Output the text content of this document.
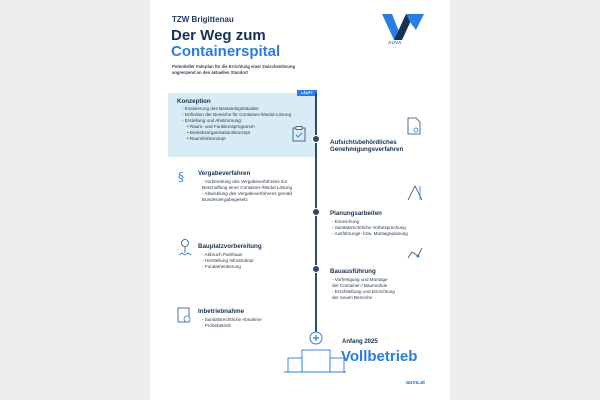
TZW Brigittenau
Der Weg zum
Containerspital
Potentieller Fahrplan für die Errichtung einer Zwischenlösung
angrenzend an den aktuellen Standort
AUVA
LÄUFT
Konzeption
- Evaluierung des Bestandsgebäudes
- Definition der Bereiche für Container-/Modul-Lösung
- Erstellung und Abstimmung:
• Raum- und Funktionsprogramm
• Betriebsorganisationskonzept
• Raumfeinkonzept
Aufsichtsbehördliches
Genehmigungsverfahren
Vergabeverfahren
- Vorbereitung des Vergabeverfahrens zur
Beschaffung einer Container-/Modul-Lösung
- Abwicklung des Vergabeverfahrens gemäß
Bundesvergabegesetz
§
Planungsarbeiten
- Einreichung
- Sanitätsrechtliche Vorbesprechung
- Ausführungs- bzw. Montageplanung
Bauplatzvorbereitung
- Abbruch Parkhaus
- Herstellung Infrastruktur
- Fundamentierung
Bauausführung
- Vorfertigung und Montage
der Container-/ Baumodule
- Erschließung und Einrichtung
der neuen Bereiche
Inbetriebnahme
- Sanitätsrechtliche Abnahme
- Probebetrieb
Anfang 2025
Vollbetrieb
auva.at
